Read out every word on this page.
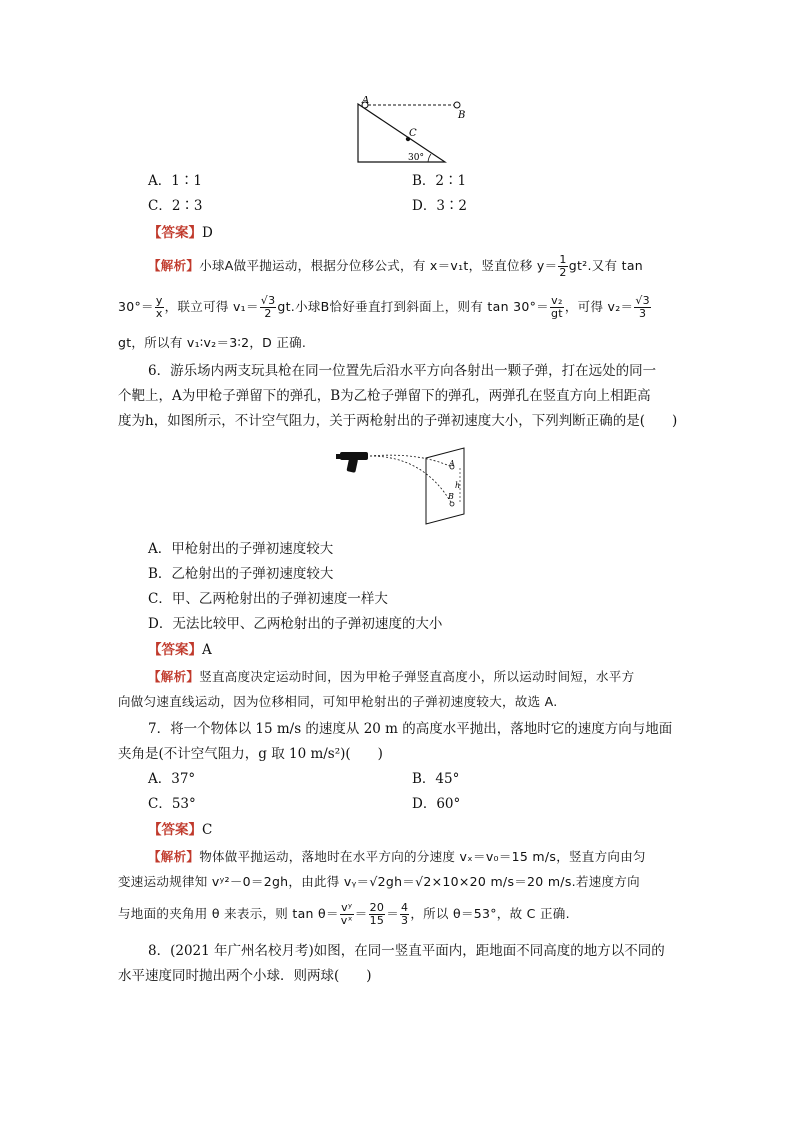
A
B
C
30°
A．1∶1	B．2∶1
C．2∶3	D．3∶2
【答案】D
【解析】小球A做平抛运动，根据分位移公式，有 x＝v₁t，竖直位移 $y= \frac{1}{2} gt^2$.又有 tan
$30^\circ= \frac{y}{x}$ ，联立可得 $v_1= \frac{√3}{2}$ gt.小球B恰好垂直打到斜面上，则有 $\tan 30^\circ= \frac{\text{v₂}}{gt}$ ，可得 $v_2= \frac{√3}{3}$
gt，所以有 v₁∶v₂＝3∶2，D 正确.
6．游乐场内两支玩具枪在同一位置先后沿水平方向各射出一颗子弹，打在远处的同一
个靶上，A为甲枪子弹留下的弹孔，B为乙枪子弹留下的弹孔，两弹孔在竖直方向上相距高
度为h，如图所示，不计空气阻力，关于两枪射出的子弹初速度大小，下列判断正确的是(　　)
A
B
h
A．甲枪射出的子弹初速度较大
B．乙枪射出的子弹初速度较大
C．甲、乙两枪射出的子弹初速度一样大
D．无法比较甲、乙两枪射出的子弹初速度的大小
【答案】A
【解析】竖直高度决定运动时间，因为甲枪子弹竖直高度小，所以运动时间短，水平方
向做匀速直线运动，因为位移相同，可知甲枪射出的子弹初速度较大，故选 A.
7．将一个物体以 15 m/s 的速度从 20 m 的高度水平抛出，落地时它的速度方向与地面
夹角是(不计空气阻力，g 取 10 m/s²)(　　)
A．37°	B．45°
C．53°	D．60°
【答案】C
【解析】物体做平抛运动，落地时在水平方向的分速度 vₓ＝v₀＝15 m/s，竖直方向由匀
变速运动规律知 vʸ²－0＝2gh，由此得 vᵧ＝√2gh＝√2×10×20 m/s＝20 m/s.若速度方向
与地面的夹角用 θ 来表示，则 $\tan \theta= \frac{\text{vʸ}}{\text{vˣ}} = \frac{20}{15} = \frac{4}{3}$ ，所以 θ＝53°，故 C 正确.
8．(2021 年广州名校月考)如图，在同一竖直平面内，距地面不同高度的地方以不同的
水平速度同时抛出两个小球．则两球(　　)
